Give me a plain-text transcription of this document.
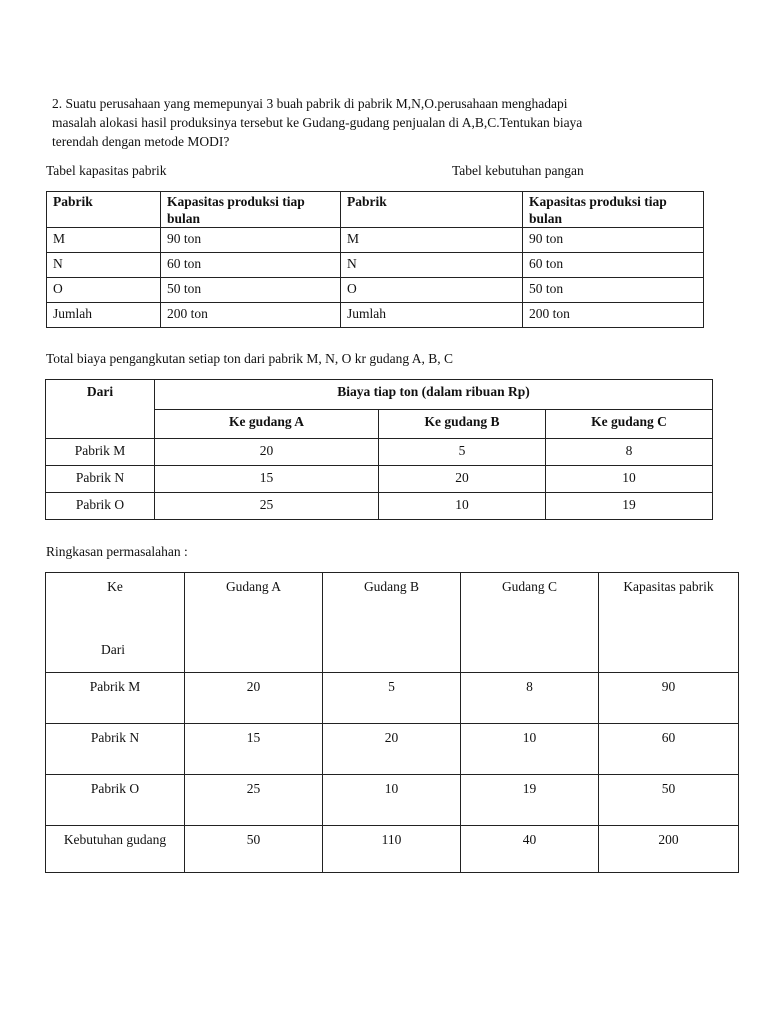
2. Suatu perusahaan yang memepunyai 3 buah pabrik di pabrik M,N,O.perusahaan menghadapi
masalah alokasi hasil produksinya tersebut ke Gudang-gudang penjualan di A,B,C.Tentukan biaya
terendah dengan metode MODI?

Tabel kapasitas pabrik	Tabel kebutuhan pangan

Pabrik	Kapasitas produksi tiap bulan	Pabrik	Kapasitas produksi tiap bulan
M	90 ton	M	90 ton
N	60 ton	N	60 ton
O	50 ton	O	50 ton
Jumlah	200 ton	Jumlah	200 ton

Total biaya pengangkutan setiap ton dari pabrik M, N, O kr gudang A, B, C

Dari	Biaya tiap ton (dalam ribuan Rp)		
	Ke gudang A	Ke gudang B	Ke gudang C
Pabrik M	20	5	8
Pabrik N	15	20	10
Pabrik O	25	10	19

Ringkasan permasalahan :

Ke
Dari	Gudang A	Gudang B	Gudang C	Kapasitas pabrik
Pabrik M	20	5	8	90
Pabrik N	15	20	10	60
Pabrik O	25	10	19	50
Kebutuhan gudang	50	110	40	200
